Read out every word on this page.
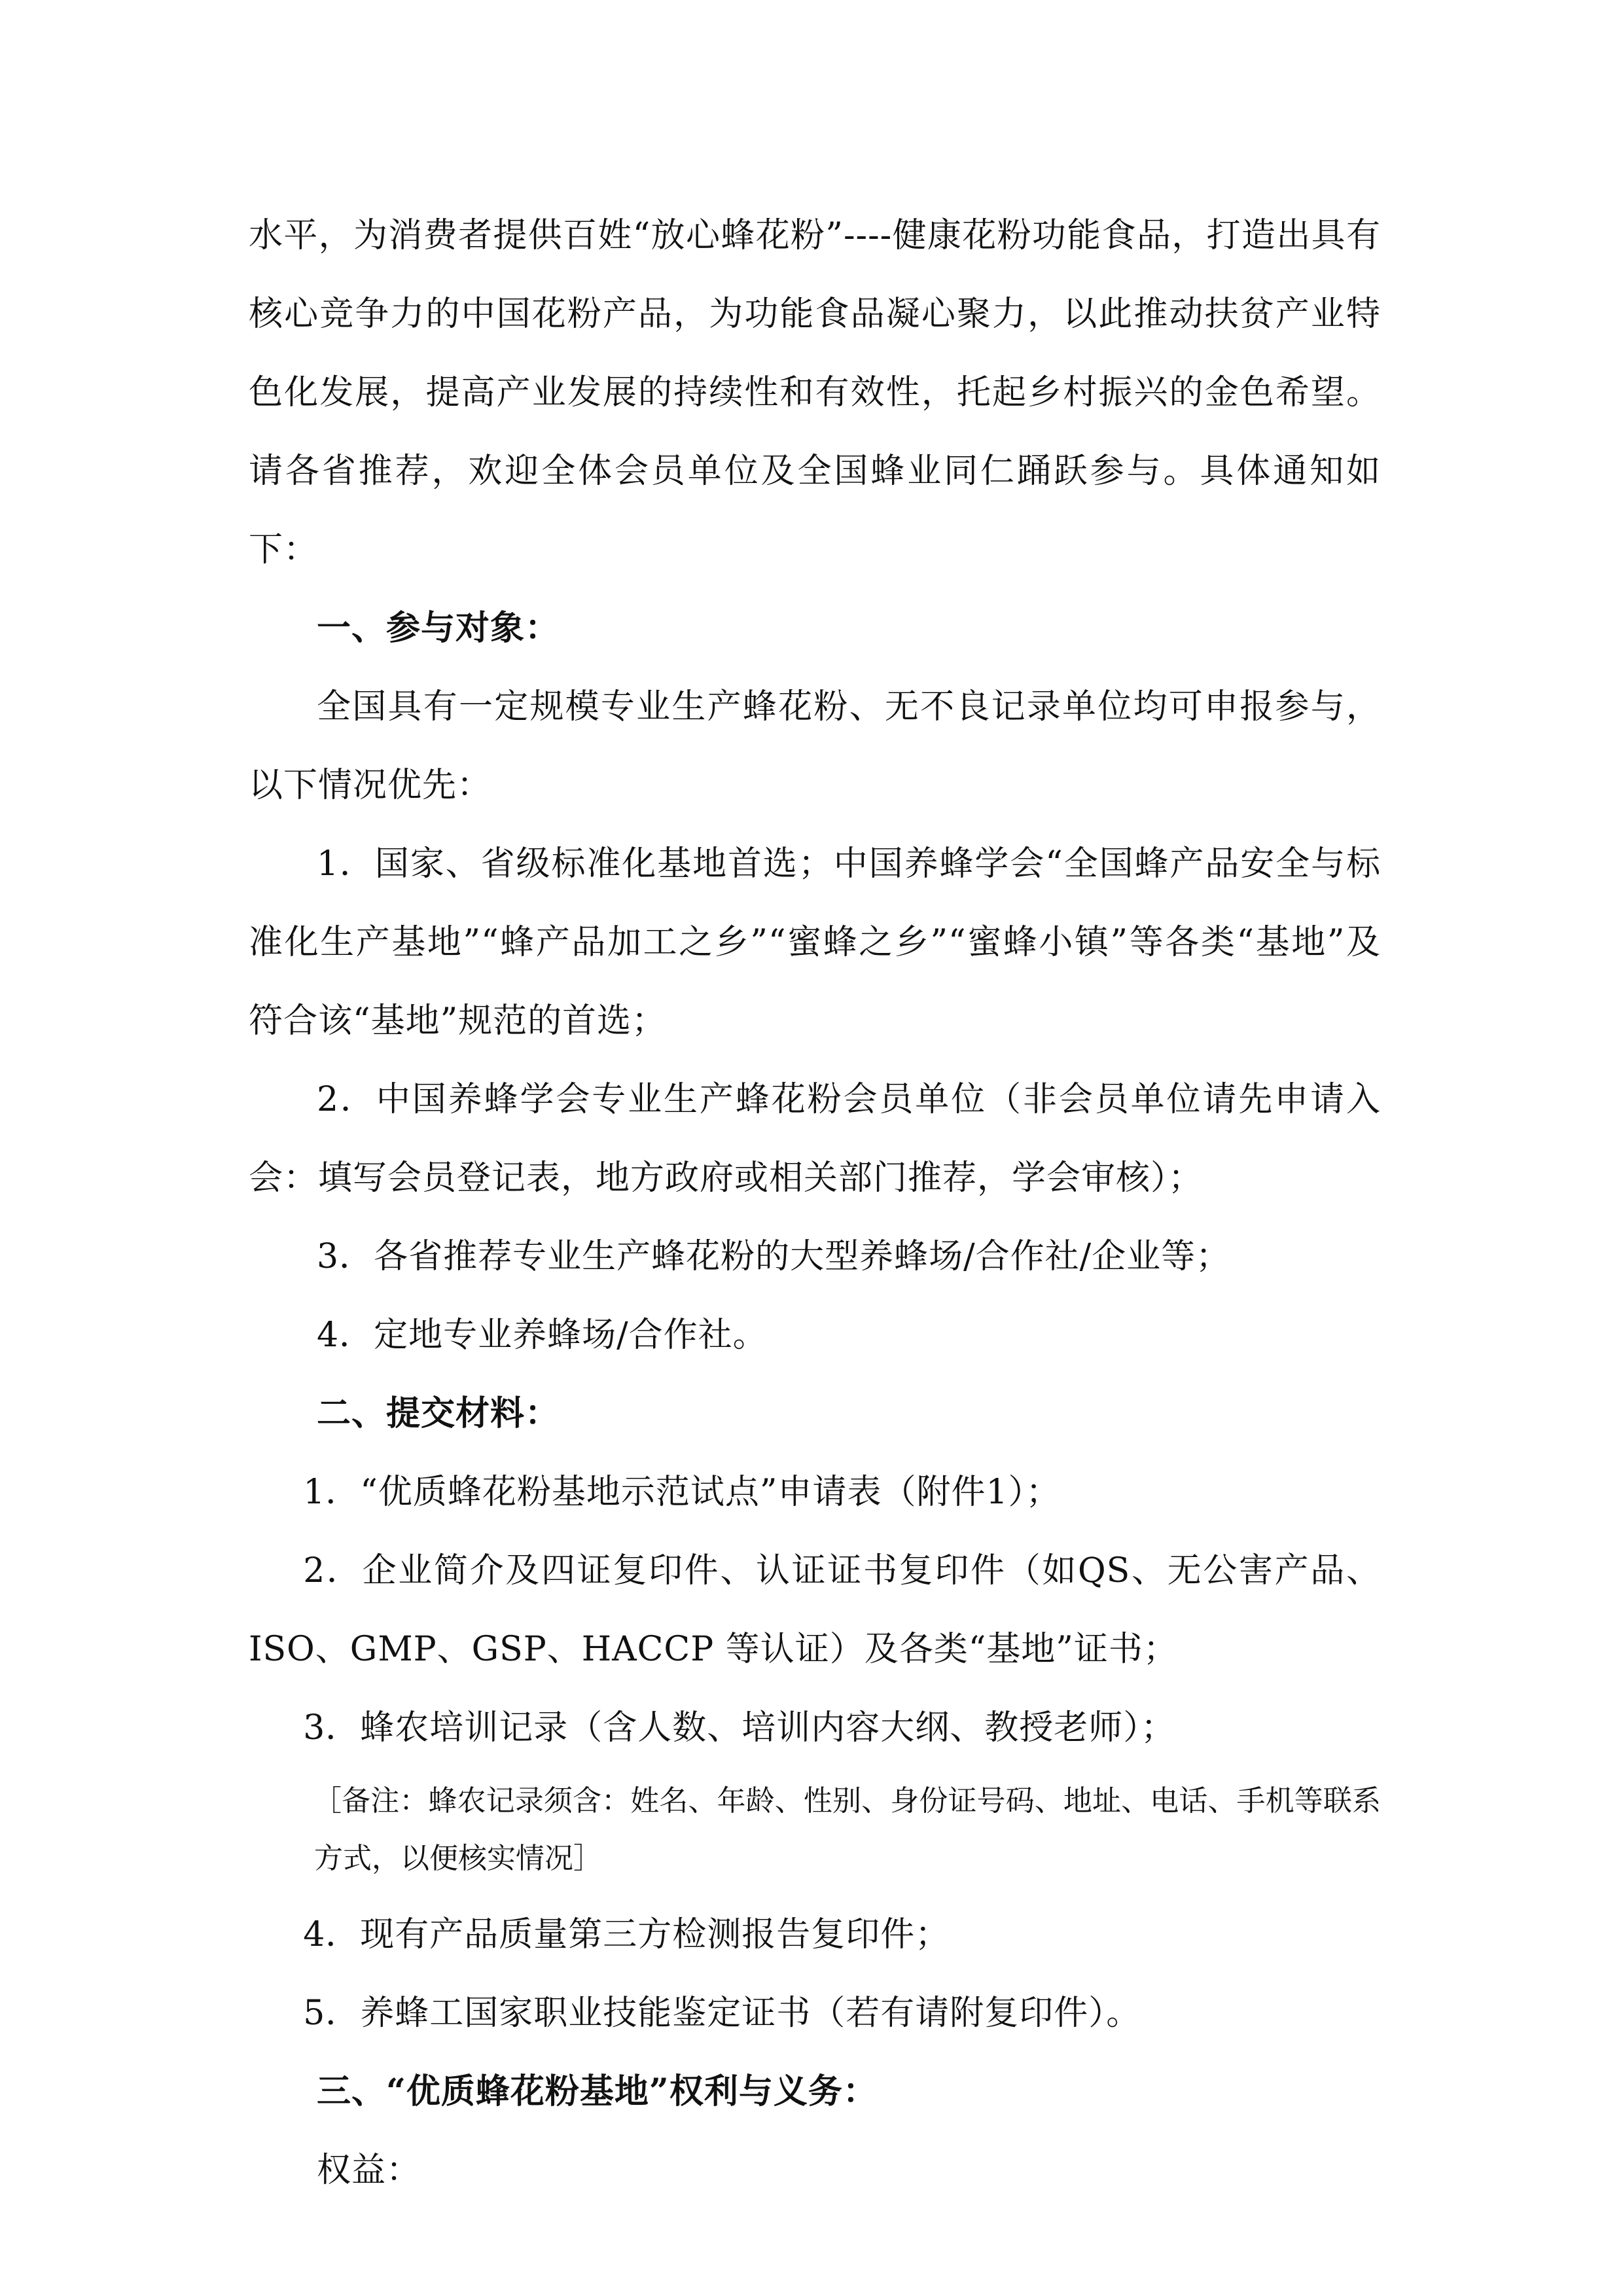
水平，为消费者提供百姓“放心蜂花粉”----健康花粉功能食品，打造出具有核心竞争力的中国花粉产品，为功能食品凝心聚力，以此推动扶贫产业特色化发展，提高产业发展的持续性和有效性，托起乡村振兴的金色希望。请各省推荐，欢迎全体会员单位及全国蜂业同仁踊跃参与。具体通知如下：

一、参与对象：

全国具有一定规模专业生产蜂花粉、无不良记录单位均可申报参与，以下情况优先：

1．国家、省级标准化基地首选；中国养蜂学会“全国蜂产品安全与标准化生产基地”“蜂产品加工之乡”“蜜蜂之乡”“蜜蜂小镇”等各类“基地”及符合该“基地”规范的首选；

2．中国养蜂学会专业生产蜂花粉会员单位（非会员单位请先申请入会：填写会员登记表，地方政府或相关部门推荐，学会审核）；

3．各省推荐专业生产蜂花粉的大型养蜂场/合作社/企业等；

4．定地专业养蜂场/合作社。

二、提交材料：

1．“优质蜂花粉基地示范试点”申请表（附件1）；

2．企业简介及四证复印件、认证证书复印件（如QS、无公害产品、ISO、GMP、GSP、HACCP 等认证）及各类“基地”证书；

3．蜂农培训记录（含人数、培训内容大纲、教授老师）；

［备注：蜂农记录须含：姓名、年龄、性别、身份证号码、地址、电话、手机等联系方式，以便核实情况］

4．现有产品质量第三方检测报告复印件；

5．养蜂工国家职业技能鉴定证书（若有请附复印件）。

三、“优质蜂花粉基地”权利与义务：

权益：
